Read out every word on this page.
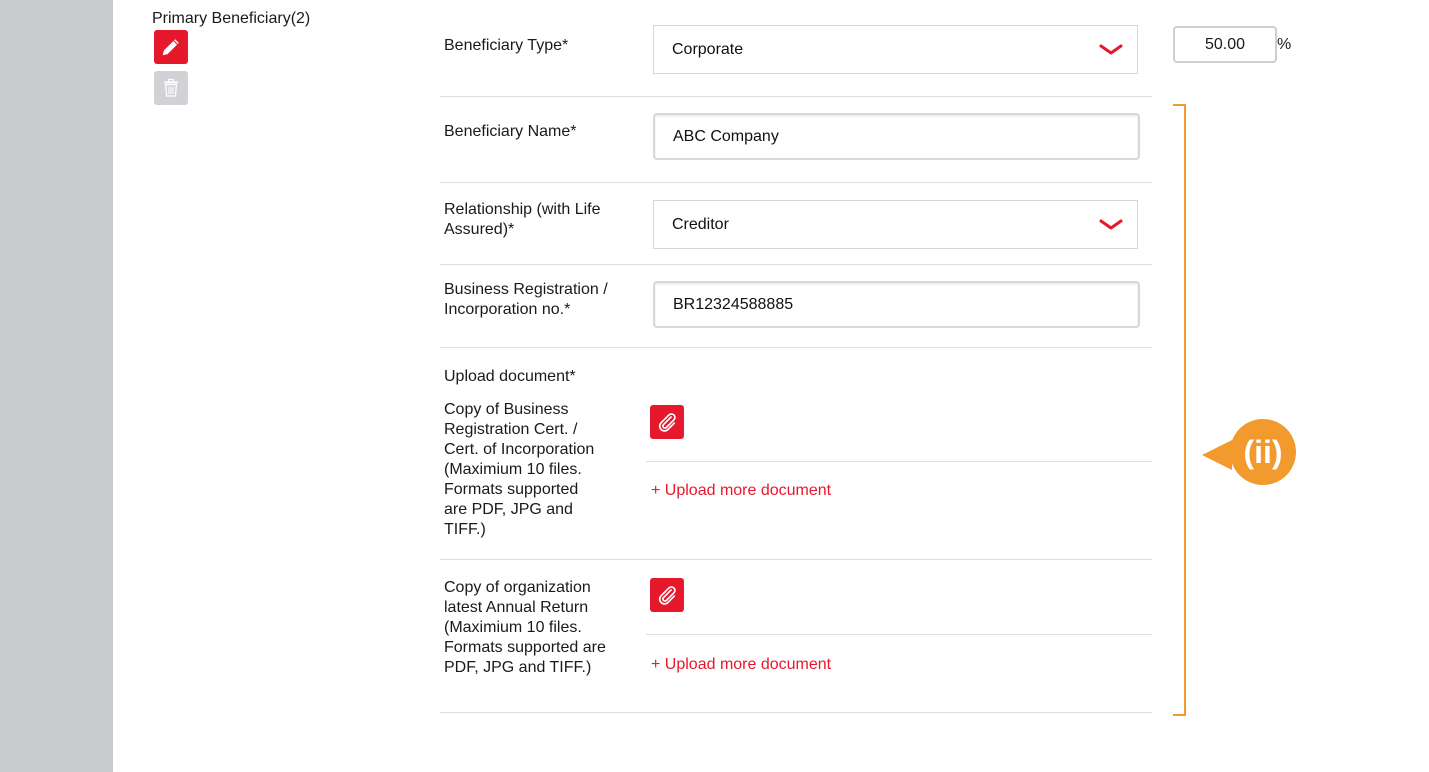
Primary Beneficiary(2)
Beneficiary Type*	Corporate	50.00	%
Beneficiary Name*	ABC Company
Relationship (with Life
Assured)*	Creditor
Business Registration /
Incorporation no.*	BR12324588885
Upload document*
Copy of Business
Registration Cert. /
Cert. of Incorporation
(Maximium 10 files.
Formats supported
are PDF, JPG and
TIFF.)
+ Upload more document
Copy of organization
latest Annual Return
(Maximium 10 files.
Formats supported are
PDF, JPG and TIFF.)	+ Upload more document
(ii)
